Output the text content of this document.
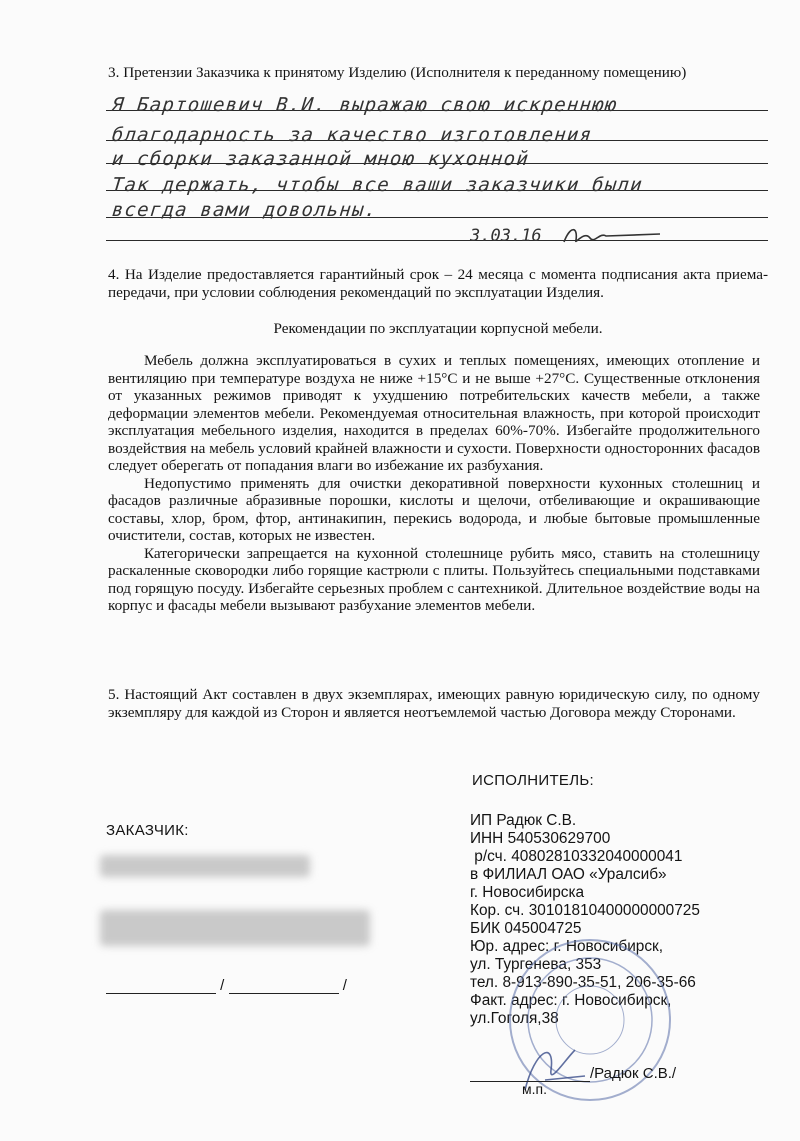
3. Претензии Заказчика к принятому Изделию (Исполнителя к переданному помещению)
Я Бартошевич В.И. выражаю свою искреннюю
благодарность за качество изготовления
и сборки заказанной мною кухонной
Так держать, чтобы все ваши заказчики были
всегда вами довольны.
3.03.16
4. На Изделие предоставляется гарантийный срок – 24 месяца с момента подписания акта приема-передачи, при условии соблюдения рекомендаций по эксплуатации Изделия.
Рекомендации по эксплуатации корпусной мебели.

Мебель должна эксплуатироваться в сухих и теплых помещениях, имеющих отопление и вентиляцию при температуре воздуха не ниже +15°С и не выше +27°С. Существенные отклонения от указанных режимов приводят к ухудшению потребительских качеств мебели, а также деформации элементов мебели. Рекомендуемая относительная влажность, при которой происходит эксплуатация мебельного изделия, находится в пределах 60%-70%. Избегайте продолжительного воздействия на мебель условий крайней влажности и сухости. Поверхности односторонних фасадов следует оберегать от попадания влаги во избежание их разбухания.

Недопустимо применять для очистки декоративной поверхности кухонных столешниц и фасадов различные абразивные порошки, кислоты и щелочи, отбеливающие и окрашивающие составы, хлор, бром, фтор, антинакипин, перекись водорода, и любые бытовые промышленные очистители, состав, которых не известен.

Категорически запрещается на кухонной столешнице рубить мясо, ставить на столешницу раскаленные сковородки либо горящие кастрюли с плиты. Пользуйтесь специальными подставками под горящую посуду. Избегайте серьезных проблем с сантехникой. Длительное воздействие воды на корпус и фасады мебели вызывают разбухание элементов мебели.

5. Настоящий Акт составлен в двух экземплярах, имеющих равную юридическую силу, по одному экземпляру для каждой из Сторон и является неотъемлемой частью Договора между Сторонами.
ИСПОЛНИТЕЛЬ:
ЗАКАЗЧИК:
ИП Радюк С.В.
ИНН 540530629700
р/сч. 40802810332040000041
в ФИЛИАЛ ОАО «Уралсиб»
г. Новосибирска
Кор. сч. 30101810400000000725
БИК 045004725
Юр. адрес: г. Новосибирск,
ул. Тургенева, 353
тел. 8-913-890-35-51, 206-35-66
Факт. адрес: г. Новосибирск,
ул.Гоголя,38
/	/
/Радюк С.В./
м.п.
